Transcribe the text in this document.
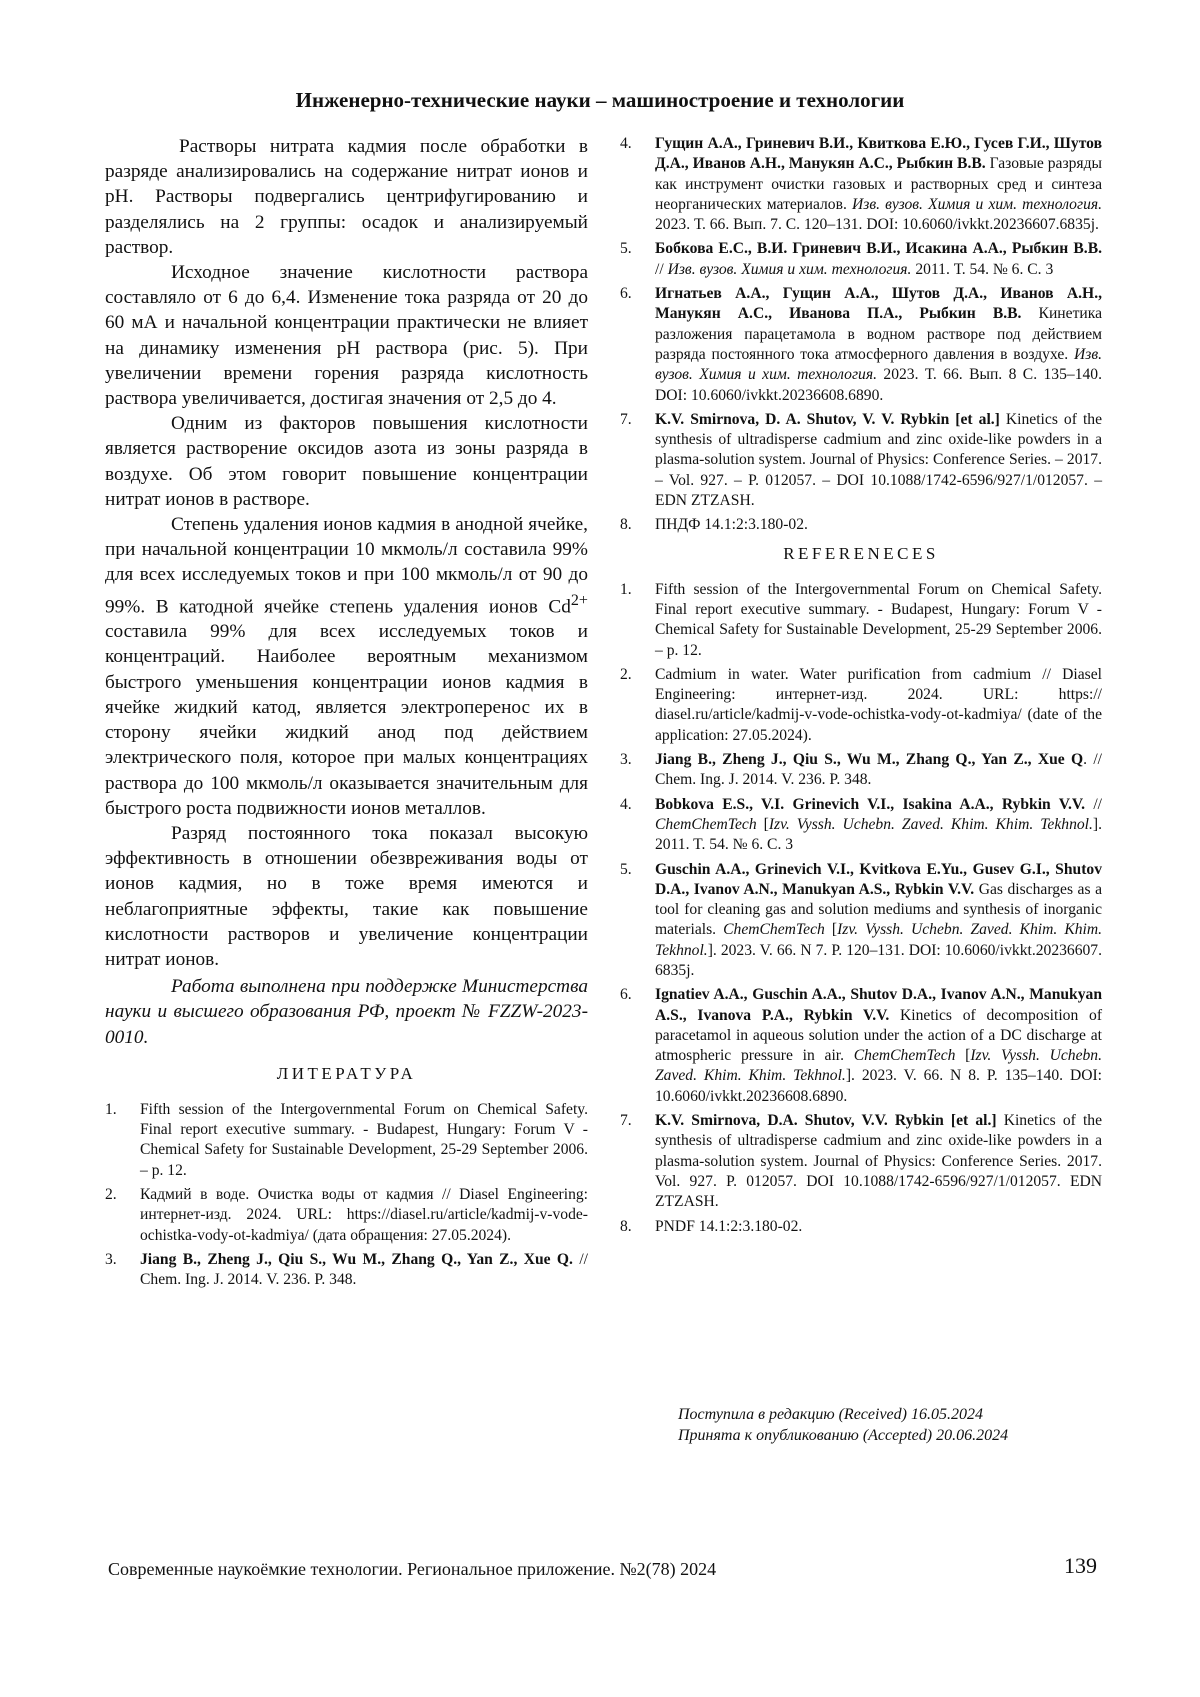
Инженерно-технические науки – машиностроение и технологии

Растворы нитрата кадмия после обработки в разряде анализировались на содержание нитрат ионов и pH. Растворы подвергались центрифугированию и разделялись на 2 группы: осадок и анализируемый раствор.

Исходное значение кислотности раствора составляло от 6 до 6,4. Изменение тока разряда от 20 до 60 мА и начальной концентрации практически не влияет на динамику изменения pH раствора (рис. 5). При увеличении времени горения разряда кислотность раствора увеличивается, достигая значения от 2,5 до 4.

Одним из факторов повышения кислотности является растворение оксидов азота из зоны разряда в воздухе. Об этом говорит повышение концентрации нитрат ионов в растворе.

Степень удаления ионов кадмия в анодной ячейке, при начальной концентрации 10 мкмоль/л составила 99% для всех исследуемых токов и при 100 мкмоль/л от 90 до 99%. В катодной ячейке степень удаления ионов $Cd^{2+}$ составила 99% для всех исследуемых токов и концентраций. Наиболее вероятным механизмом быстрого уменьшения концентрации ионов кадмия в ячейке жидкий катод, является электроперенос их в сторону ячейки жидкий анод под действием электрического поля, которое при малых концентрациях раствора до 100 мкмоль/л оказывается значительным для быстрого роста подвижности ионов металлов.

Разряд постоянного тока показал высокую эффективность в отношении обезвреживания воды от ионов кадмия, но в тоже время имеются и неблагоприятные эффекты, такие как повышение кислотности растворов и увеличение концентрации нитрат ионов.

Работа выполнена при поддержке Министерства науки и высшего образования РФ, проект № FZZW-2023-0010.

ЛИТЕРАТУРА
1. Fifth session of the Intergovernmental Forum on Chemical Safety. Final report executive summary. - Budapest, Hungary: Forum V - Chemical Safety for Sustainable Development, 25-29 September 2006. – p. 12.
2. Кадмий в воде. Очистка воды от кадмия // Diasel Engineering: интернет-изд. 2024. URL: https://diasel.ru/article/kadmij-v-vode-ochistka-vody-ot-kadmiya/ (дата обращения: 27.05.2024).
3. Jiang B., Zheng J., Qiu S., Wu M., Zhang Q., Yan Z., Xue Q. // Chem. Ing. J. 2014. V. 236. P. 348.
4. Гущин А.А., Гриневич В.И., Квиткова Е.Ю., Гусев Г.И., Шутов Д.А., Иванов А.Н., Манукян А.С., Рыбкин В.В. Газовые разряды как инструмент очистки газовых и растворных сред и синтеза неорганических материалов. Изв. вузов. Химия и хим. технология. 2023. Т. 66. Вып. 7. С. 120–131. DOI: 10.6060/ivkkt.20236607.6835j.
5. Бобкова Е.С., В.И. Гриневич В.И., Исакина А.А., Рыбкин В.В. // Изв. вузов. Химия и хим. технология. 2011. Т. 54. № 6. С. 3
6. Игнатьев А.А., Гущин А.А., Шутов Д.А., Иванов А.Н., Манукян А.С., Иванова П.А., Рыбкин В.В. Кинетика разложения парацетамола в водном растворе под действием разряда постоянного тока атмосферного давления в воздухе. Изв. вузов. Химия и хим. технология. 2023. Т. 66. Вып. 8 С. 135–140. DOI: 10.6060/ivkkt.20236608.6890.
7. K.V. Smirnova, D. A. Shutov, V. V. Rybkin [et al.] Kinetics of the synthesis of ultradisperse cadmium and zinc oxide-like powders in a plasma-solution system. Journal of Physics: Conference Series. – 2017. – Vol. 927. – P. 012057. – DOI 10.1088/1742-6596/927/1/012057. – EDN ZTZASH.
8. ПНДФ 14.1:2:3.180-02.
REFERENECES
1. Fifth session of the Intergovernmental Forum on Chemical Safety. Final report executive summary. - Budapest, Hungary: Forum V - Chemical Safety for Sustainable Development, 25-29 September 2006. – p. 12.
2. Cadmium in water. Water purification from cadmium // Diasel Engineering: интернет-изд. 2024. URL: https:// diasel.ru/article/kadmij-v-vode-ochistka-vody-ot-kadmiya/ (date of the application: 27.05.2024).
3. Jiang B., Zheng J., Qiu S., Wu M., Zhang Q., Yan Z., Xue Q. // Chem. Ing. J. 2014. V. 236. P. 348.
4. Bobkova E.S., V.I. Grinevich V.I., Isakina A.A., Rybkin V.V. // ChemChemTech [Izv. Vyssh. Uchebn. Zaved. Khim. Khim. Tekhnol.]. 2011. T. 54. № 6. C. 3
5. Guschin A.A., Grinevich V.I., Kvitkova E.Yu., Gusev G.I., Shutov D.A., Ivanov A.N., Manukyan A.S., Rybkin V.V. Gas discharges as a tool for cleaning gas and solution mediums and synthesis of inorganic materials. ChemChemTech [Izv. Vyssh. Uchebn. Zaved. Khim. Khim. Tekhnol.]. 2023. V. 66. N 7. P. 120–131. DOI: 10.6060/ivkkt.20236607. 6835j.
6. Ignatiev A.A., Guschin A.A., Shutov D.A., Ivanov A.N., Manukyan A.S., Ivanova P.A., Rybkin V.V. Kinetics of decomposition of paracetamol in aqueous solution under the action of a DC discharge at atmospheric pressure in air. ChemChemTech [Izv. Vyssh. Uchebn. Zaved. Khim. Khim. Tekhnol.]. 2023. V. 66. N 8. P. 135–140. DOI: 10.6060/ivkkt.20236608.6890.
7. K.V. Smirnova, D.A. Shutov, V.V. Rybkin [et al.] Kinetics of the synthesis of ultradisperse cadmium and zinc oxide-like powders in a plasma-solution system. Journal of Physics: Conference Series. 2017. Vol. 927. P. 012057. DOI 10.1088/1742-6596/927/1/012057. EDN ZTZASH.
8. PNDF 14.1:2:3.180-02.
Поступила в редакцию (Received) 16.05.2024
Принята к опубликованию (Accepted) 20.06.2024
Современные наукоёмкие технологии. Региональное приложение. №2(78) 2024	139
